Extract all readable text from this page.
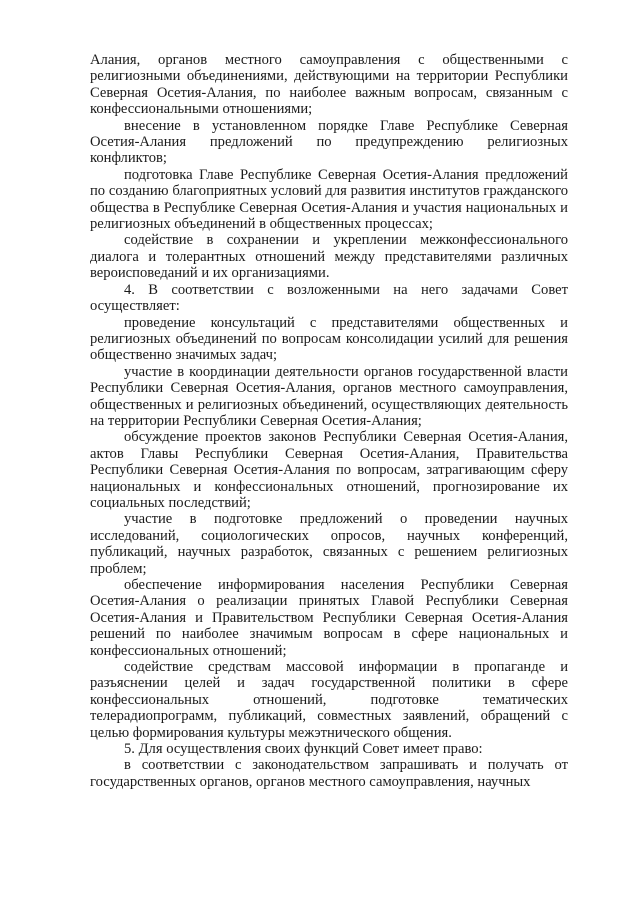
Алания, органов местного самоуправления с общественными с религиозными объединениями, действующими на территории Республики Северная Осетия-Алания, по наиболее важным вопросам, связанным с конфессиональными отношениями;

внесение в установленном порядке Главе Республике Северная Осетия-Алания предложений по предупреждению религиозных конфликтов;

подготовка Главе Республике Северная Осетия-Алания предложений по созданию благоприятных условий для развития институтов гражданского общества в Республике Северная Осетия-Алания и участия национальных и религиозных объединений в общественных процессах;

содействие в сохранении и укреплении межконфессионального диалога и толерантных отношений между представителями различных вероисповеданий и их организациями.

4. В соответствии с возложенными на него задачами Совет осуществляет:

проведение консультаций с представителями общественных и религиозных объединений по вопросам консолидации усилий для решения общественно значимых задач;

участие в координации деятельности органов государственной власти Республики Северная Осетия-Алания, органов местного самоуправления, общественных и религиозных объединений, осуществляющих деятельность на территории Республики Северная Осетия-Алания;

обсуждение проектов законов Республики Северная Осетия-Алания, актов Главы Республики Северная Осетия-Алания, Правительства Республики Северная Осетия-Алания по вопросам, затрагивающим сферу национальных и конфессиональных отношений, прогнозирование их социальных последствий;

участие в подготовке предложений о проведении научных исследований, социологических опросов, научных конференций, публикаций, научных разработок, связанных с решением религиозных проблем;

обеспечение информирования населения Республики Северная Осетия-Алания о реализации принятых Главой Республики Северная Осетия-Алания и Правительством Республики Северная Осетия-Алания решений по наиболее значимым вопросам в сфере национальных и конфессиональных отношений;

содействие средствам массовой информации в пропаганде и разъяснении целей и задач государственной политики в сфере конфессиональных отношений, подготовке тематических телерадиопрограмм, публикаций, совместных заявлений, обращений с целью формирования культуры межэтнического общения.

5. Для осуществления своих функций Совет имеет право:

в соответствии с законодательством запрашивать и получать от государственных органов, органов местного самоуправления, научных
